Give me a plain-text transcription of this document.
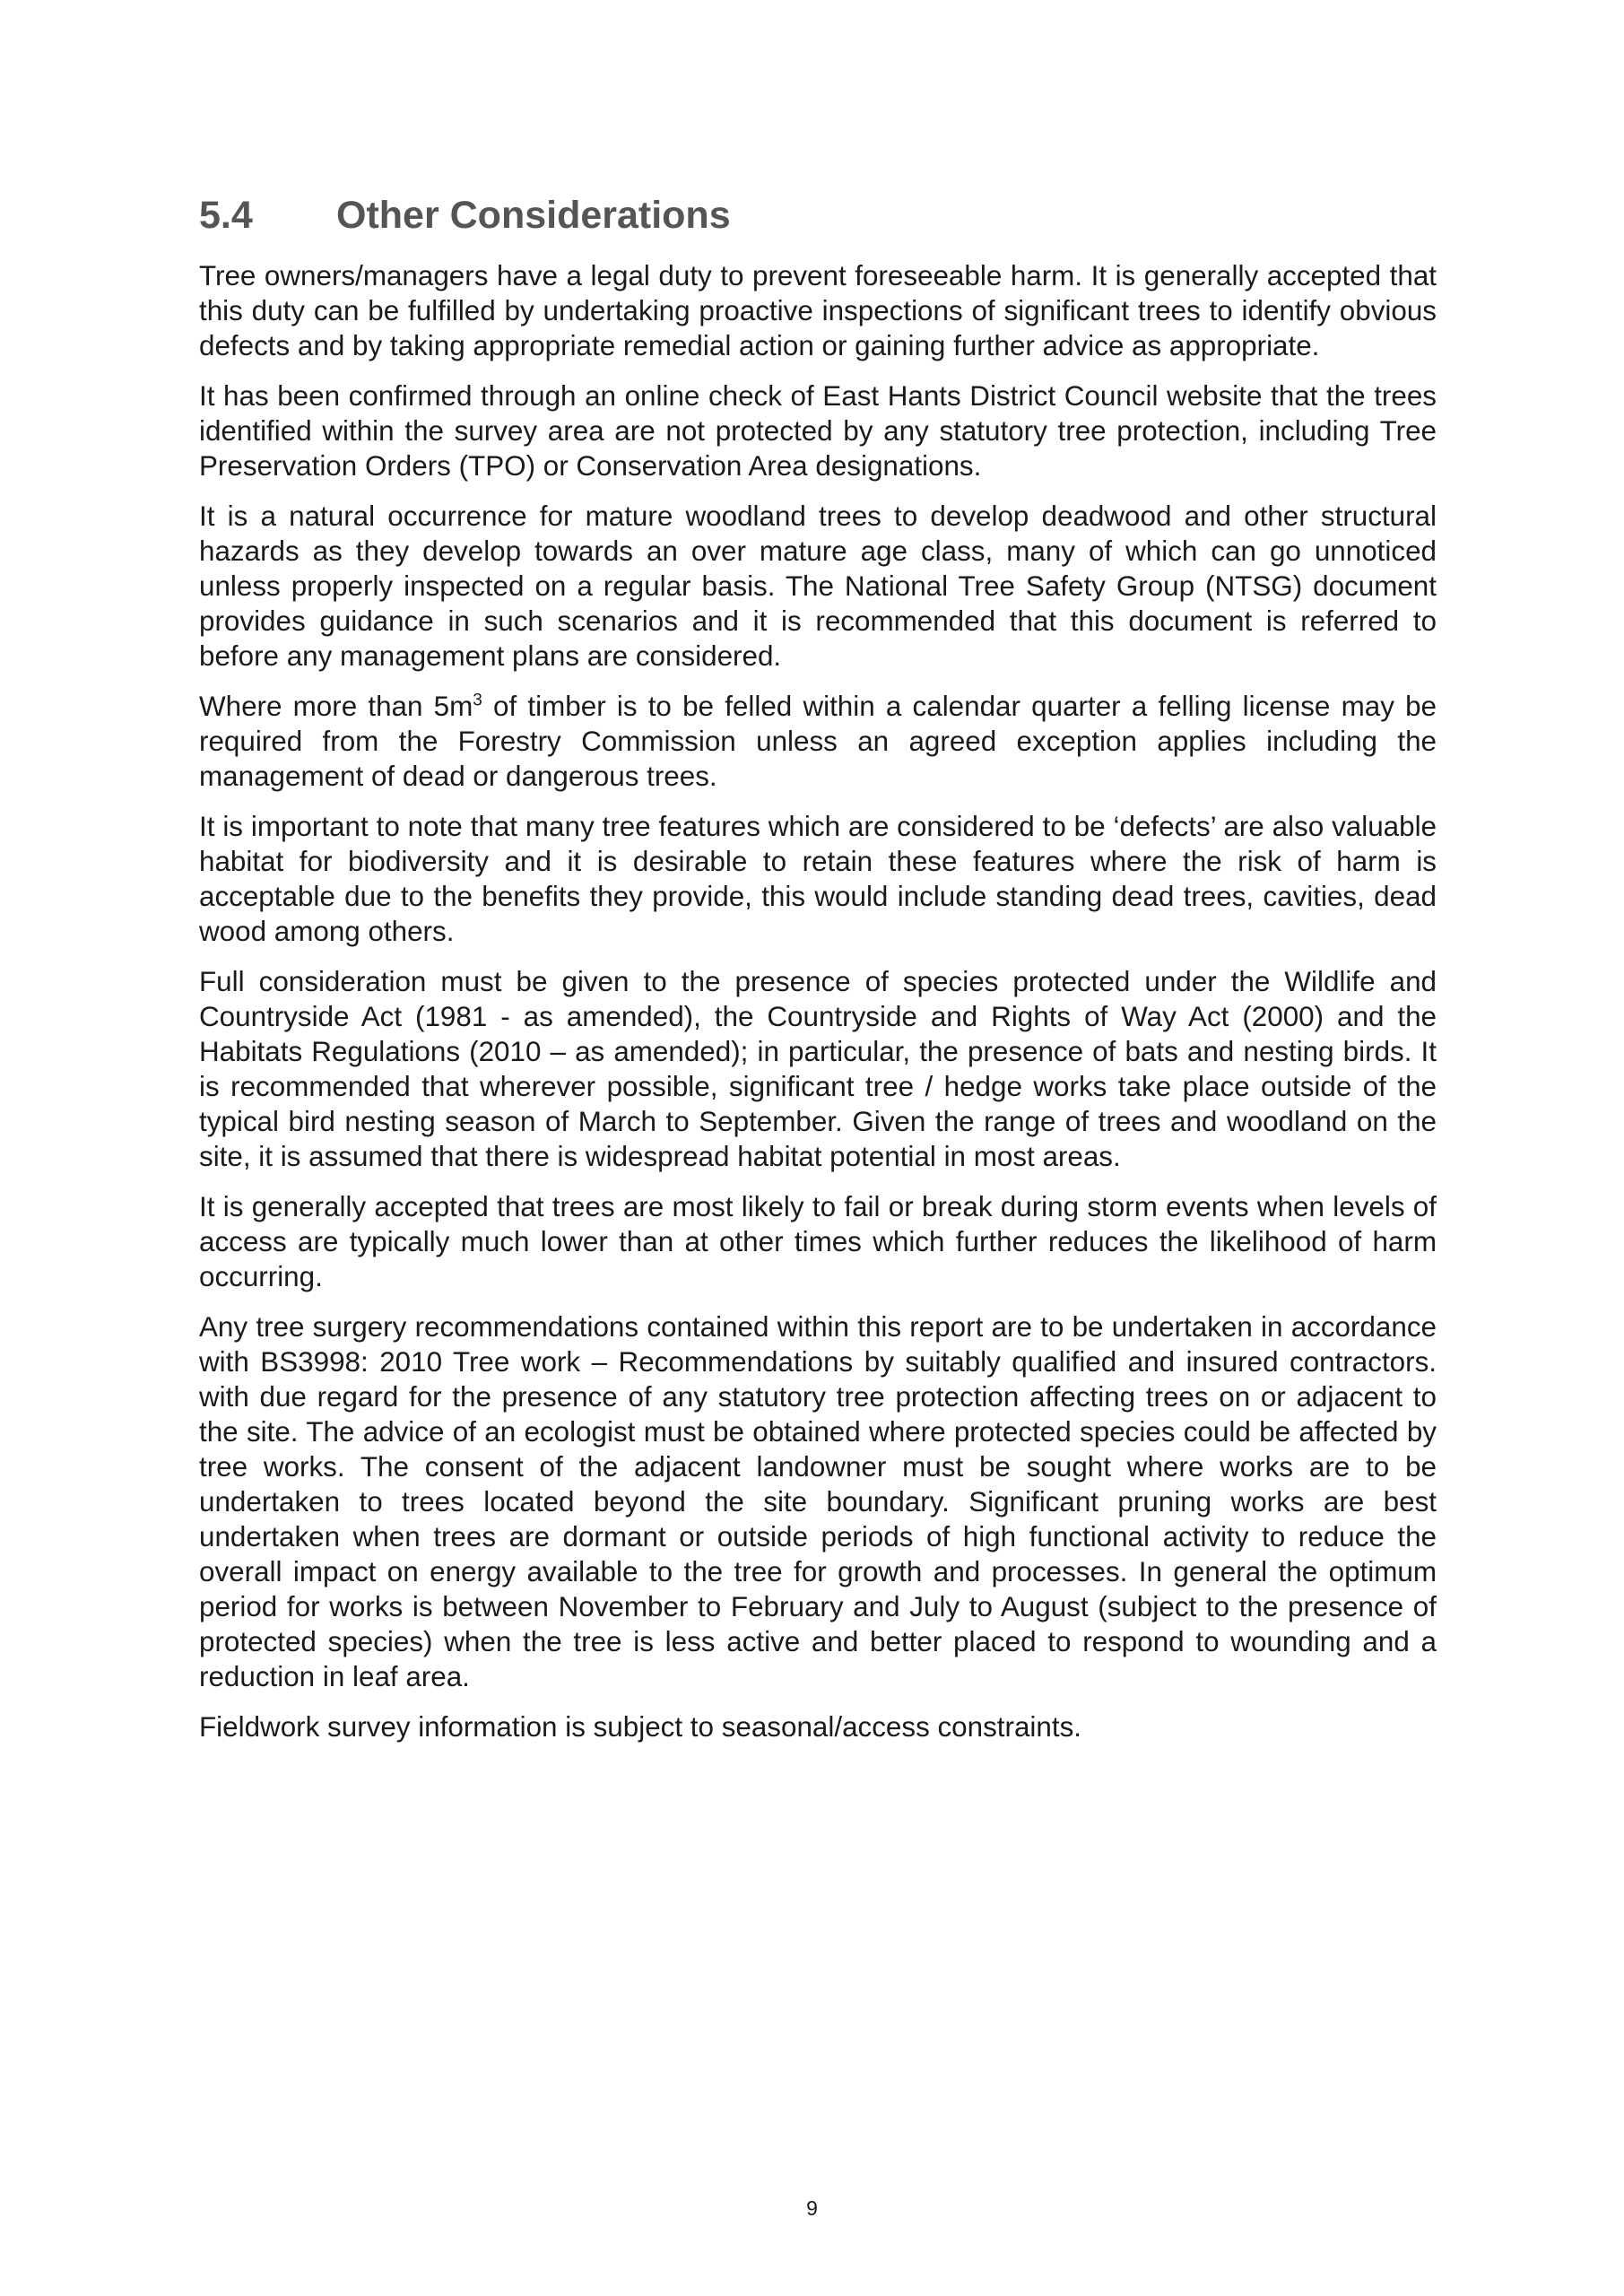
5.4	Other Considerations

Tree owners/managers have a legal duty to prevent foreseeable harm. It is generally accepted that this duty can be fulfilled by undertaking proactive inspections of significant trees to identify obvious defects and by taking appropriate remedial action or gaining further advice as appropriate.

It has been confirmed through an online check of East Hants District Council website that the trees identified within the survey area are not protected by any statutory tree protection, including Tree Preservation Orders (TPO) or Conservation Area designations.

It is a natural occurrence for mature woodland trees to develop deadwood and other structural hazards as they develop towards an over mature age class, many of which can go unnoticed unless properly inspected on a regular basis. The National Tree Safety Group (NTSG) document provides guidance in such scenarios and it is recommended that this document is referred to before any management plans are considered.

Where more than $5m^3$ of timber is to be felled within a calendar quarter a felling license may be required from the Forestry Commission unless an agreed exception applies including the management of dead or dangerous trees.

It is important to note that many tree features which are considered to be ‘defects’ are also valuable habitat for biodiversity and it is desirable to retain these features where the risk of harm is acceptable due to the benefits they provide, this would include standing dead trees, cavities, dead wood among others.

Full consideration must be given to the presence of species protected under the Wildlife and Countryside Act (1981 - as amended), the Countryside and Rights of Way Act (2000) and the Habitats Regulations (2010 – as amended); in particular, the presence of bats and nesting birds. It is recommended that wherever possible, significant tree / hedge works take place outside of the typical bird nesting season of March to September. Given the range of trees and woodland on the site, it is assumed that there is widespread habitat potential in most areas.

It is generally accepted that trees are most likely to fail or break during storm events when levels of access are typically much lower than at other times which further reduces the likelihood of harm occurring.

Any tree surgery recommendations contained within this report are to be undertaken in accordance with BS3998: 2010 Tree work – Recommendations by suitably qualified and insured contractors. with due regard for the presence of any statutory tree protection affecting trees on or adjacent to the site. The advice of an ecologist must be obtained where protected species could be affected by tree works. The consent of the adjacent landowner must be sought where works are to be undertaken to trees located beyond the site boundary. Significant pruning works are best undertaken when trees are dormant or outside periods of high functional activity to reduce the overall impact on energy available to the tree for growth and processes. In general the optimum period for works is between November to February and July to August (subject to the presence of protected species) when the tree is less active and better placed to respond to wounding and a reduction in leaf area.

Fieldwork survey information is subject to seasonal/access constraints.

9
